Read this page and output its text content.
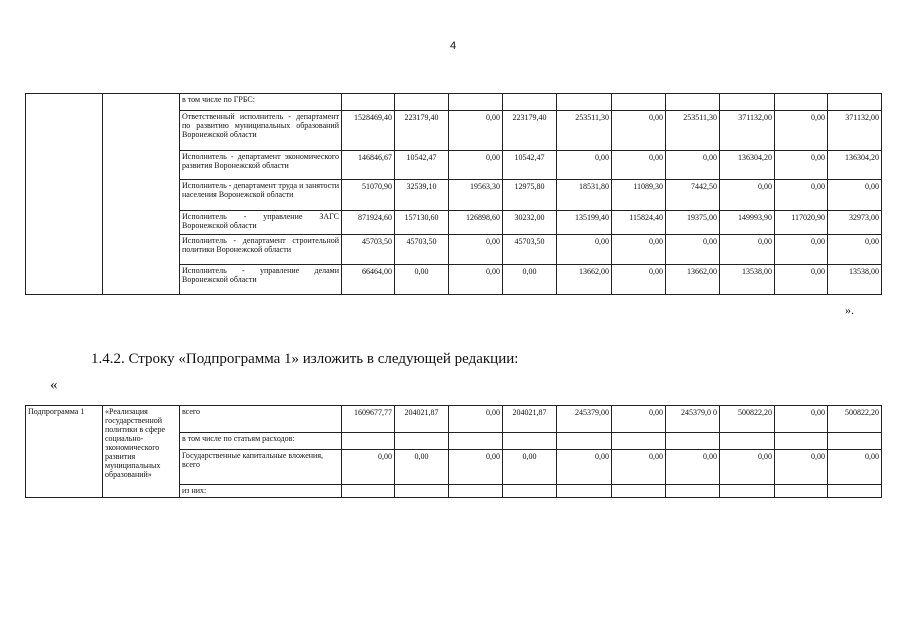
4
		в том числе по ГРБС:										
		Ответственный исполнитель - департамент по развитию муниципальных образований Воронежской области	1528469,40	223179,40	0,00	223179,40	253511,30	0,00	253511,30	371132,00	0,00	371132,00
		Исполнитель - департамент экономического развития Воронежской области	146846,67	10542,47	0,00	10542,47	0,00	0,00	0,00	136304,20	0,00	136304,20
		Исполнитель - департамент труда и занятости населения Воронежской области	51070,90	32539,10	19563,30	12975,80	18531,80	11089,30	7442,50	0,00	0,00	0,00
		Исполнитель - управление ЗАГС Воронежской области	871924,60	157130,60	126898,60	30232,00	135199,40	115824,40	19375,00	149993,90	117020,90	32973,00
		Исполнитель - департамент строительной политики Воронежской области	45703,50	45703,50	0,00	45703,50	0,00	0,00	0,00	0,00	0,00	0,00
		Исполнитель - управление делами Воронежской области	66464,00	0,00	0,00	0,00	13662,00	0,00	13662,00	13538,00	0,00	13538,00
».
1.4.2. Строку «Подпрограмма 1» изложить в следующей редакции:
«
Подпрограмма 1	«Реализация государственной политики в сфере социально-экономического развития муниципальных образований»	всего	1609677,77	204021,87	0,00	204021,87	245379,00	0,00	245379,0 0	500822,20	0,00	500822,20
		в том числе по статьям расходов:										
		Государственные капитальные вложения, всего	0,00	0,00	0,00	0,00	0,00	0,00	0,00	0,00	0,00	0,00
		из них:										
